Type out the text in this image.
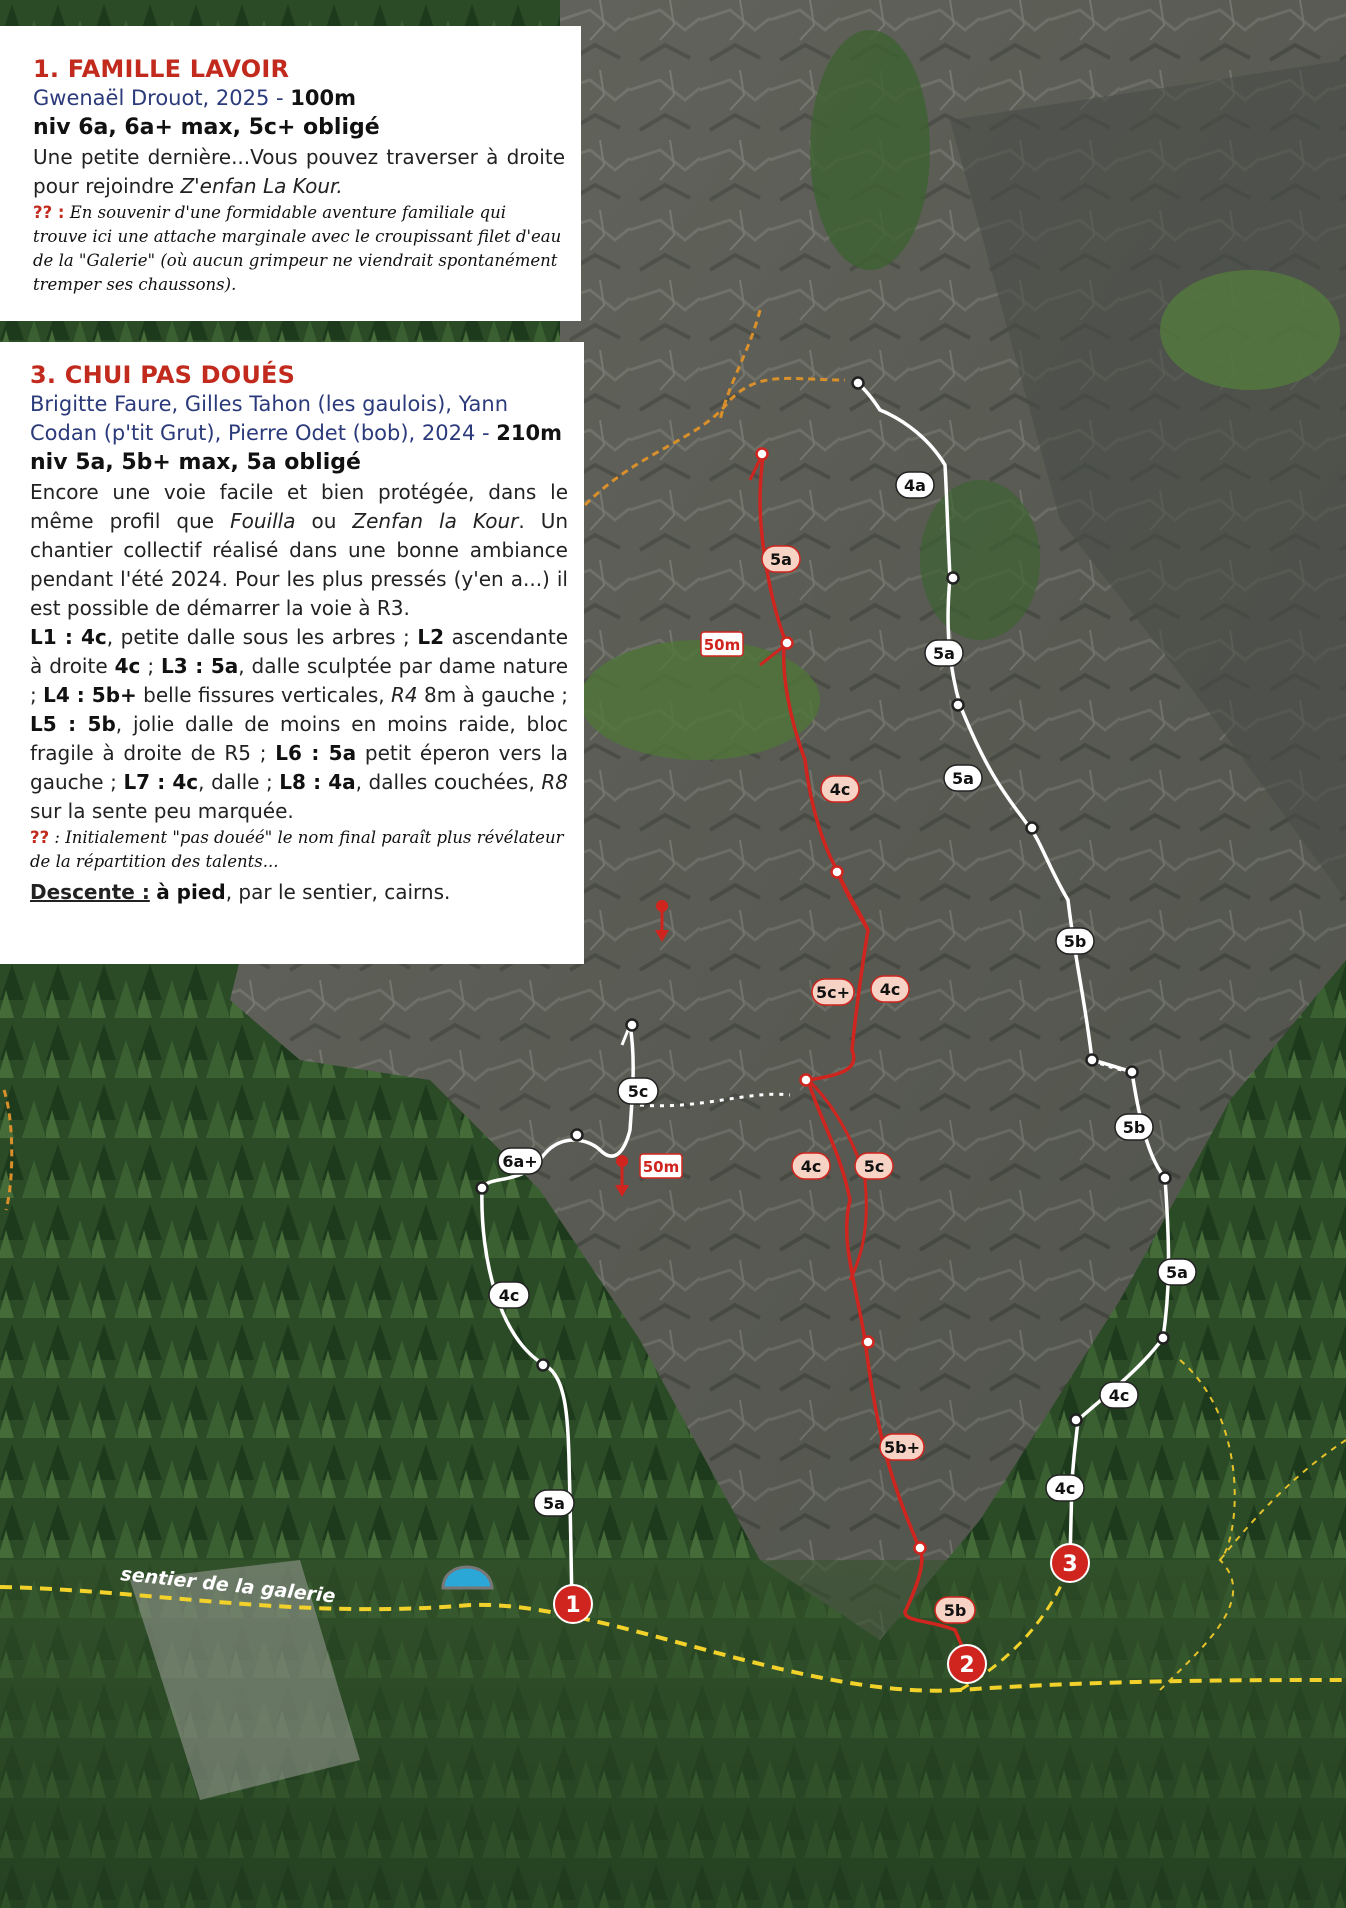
sentier de la galerie
5a
4c
6a+
5c
5a
4c
5c+ 4c
4c	5c
5b+
5b
4a
5a
5a
5b
5b
5a
4c
4c
50m
50m
1
2
3
1. FAMILLE LAVOIR
Gwenaël Drouot, 2025 - 100m
niv 6a, 6a+ max, 5c+ obligé
Une petite dernière...Vous pouvez traverser à droite pour rejoindre Z'enfan La Kour.
?? : En souvenir d'une formidable aventure familiale qui trouve ici une attache marginale avec le croupissant filet d'eau de la "Galerie" (où aucun grimpeur ne viendrait spontanément tremper ses chaussons).
3. CHUI PAS DOUÉS
Brigitte Faure, Gilles Tahon (les gaulois), Yann Codan (p'tit Grut), Pierre Odet (bob), 2024 - 210m
niv 5a, 5b+ max, 5a obligé
Encore une voie facile et bien protégée, dans le même profil que Fouilla ou Zenfan la Kour. Un chantier collectif réalisé dans une bonne ambiance pendant l'été 2024. Pour les plus pressés (y'en a...) il est possible de démarrer la voie à R3.
L1 : 4c, petite dalle sous les arbres ; L2 ascendante à droite 4c ; L3 : 5a, dalle sculptée par dame nature ; L4 : 5b+ belle fissures verticales, R4 8m à gauche ; L5 : 5b, jolie dalle de moins en moins raide, bloc fragile à droite de R5 ; L6 : 5a petit éperon vers la gauche ; L7 : 4c, dalle ; L8 : 4a, dalles couchées, R8 sur la sente peu marquée.
?? : Initialement "pas douéé" le nom final paraît plus révélateur de la répartition des talents...
Descente : à pied, par le sentier, cairns.
